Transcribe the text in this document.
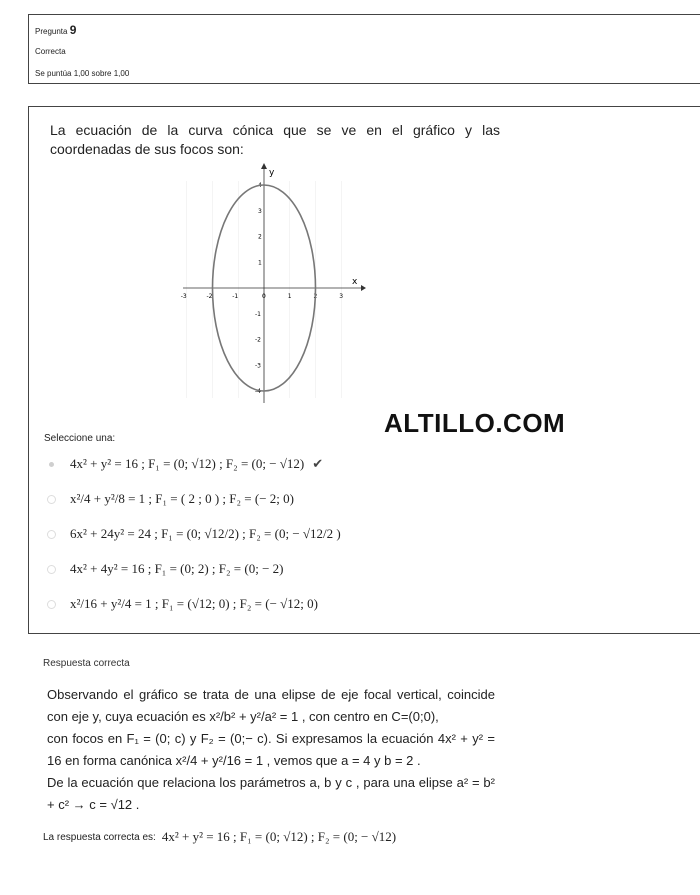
Pregunta 9
Correcta
Se puntúa 1,00 sobre 1,00
La ecuación de la curva cónica que se ve en el gráfico y las coordenadas de sus focos son:
x
y
-3	-2	-1	0	1	2	3
4
3
2
1
-1
-2
-3
-4
ALTILLO.COM
Seleccione una:
4x² + y² = 16 ; F₁ = (0; √12) ; F₂ = (0; − √12) ✔
x²/4 + y²/8 = 1 ; F₁ = ( 2 ; 0 ) ; F₂ = (− 2; 0)
6x² + 24y² = 24 ; F₁ = (0; √12/2) ; F₂ = (0; − √12/2 )
4x² + 4y² = 16 ; F₁ = (0; 2) ; F₂ = (0; − 2)
x²/16 + y²/4 = 1 ; F₁ = (√12; 0) ; F₂ = (− √12; 0)
Respuesta correcta
Observando el gráfico se trata de una elipse de eje focal vertical, coincide con eje y, cuya ecuación es x²/b² + y²/a² = 1 , con centro en C=(0;0),
con focos en F₁ = (0; c) y F₂ = (0;− c). Si expresamos la ecuación 4x² + y² = 16 en forma canónica x²/4 + y²/16 = 1 , vemos que a = 4 y b = 2 .
De la ecuación que relaciona los parámetros a, b y c , para una elipse a² = b² + c² → c = √12 .
La respuesta correcta es: 4x² + y² = 16 ; F₁ = (0; √12) ; F₂ = (0; − √12)
